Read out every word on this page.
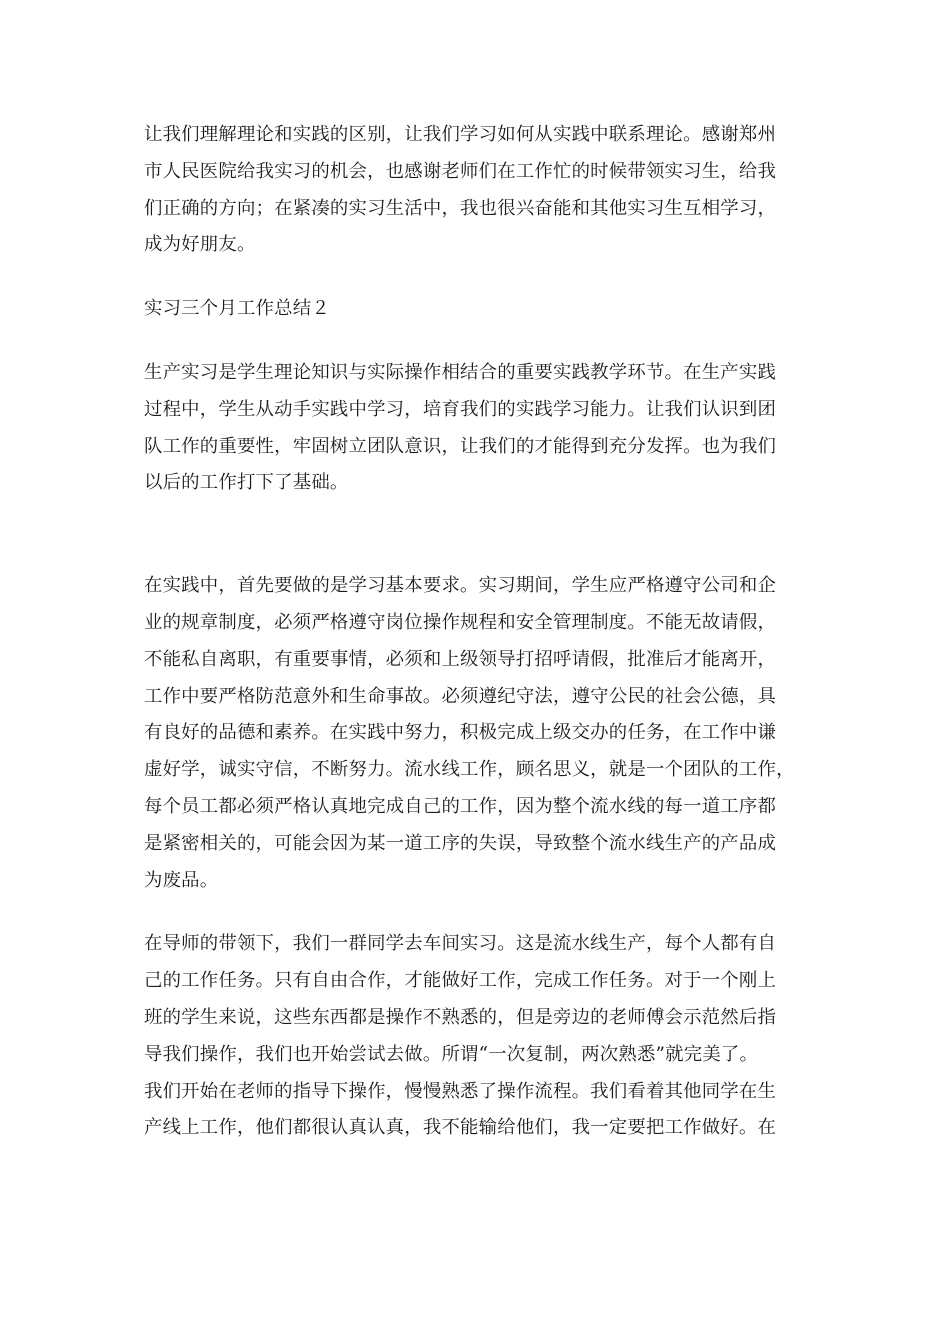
让我们理解理论和实践的区别，让我们学习如何从实践中联系理论。感谢郑州
市人民医院给我实习的机会，也感谢老师们在工作忙的时候带领实习生，给我
们正确的方向；在紧凑的实习生活中，我也很兴奋能和其他实习生互相学习，
成为好朋友。

实习三个月工作总结２

生产实习是学生理论知识与实际操作相结合的重要实践教学环节。在生产实践
过程中，学生从动手实践中学习，培育我们的实践学习能力。让我们认识到团
队工作的重要性，牢固树立团队意识，让我们的才能得到充分发挥。也为我们
以后的工作打下了基础。

在实践中，首先要做的是学习基本要求。实习期间，学生应严格遵守公司和企
业的规章制度，必须严格遵守岗位操作规程和安全管理制度。不能无故请假，
不能私自离职，有重要事情，必须和上级领导打招呼请假，批准后才能离开，
工作中要严格防范意外和生命事故。必须遵纪守法，遵守公民的社会公德，具
有良好的品德和素养。在实践中努力，积极完成上级交办的任务，在工作中谦
虚好学，诚实守信，不断努力。流水线工作，顾名思义，就是一个团队的工作，
每个员工都必须严格认真地完成自己的工作，因为整个流水线的每一道工序都
是紧密相关的，可能会因为某一道工序的失误，导致整个流水线生产的产品成
为废品。

在导师的带领下，我们一群同学去车间实习。这是流水线生产，每个人都有自
己的工作任务。只有自由合作，才能做好工作，完成工作任务。对于一个刚上
班的学生来说，这些东西都是操作不熟悉的，但是旁边的老师傅会示范然后指
导我们操作，我们也开始尝试去做。所谓“一次复制，两次熟悉”就完美了。
我们开始在老师的指导下操作，慢慢熟悉了操作流程。我们看着其他同学在生
产线上工作，他们都很认真认真，我不能输给他们，我一定要把工作做好。在
